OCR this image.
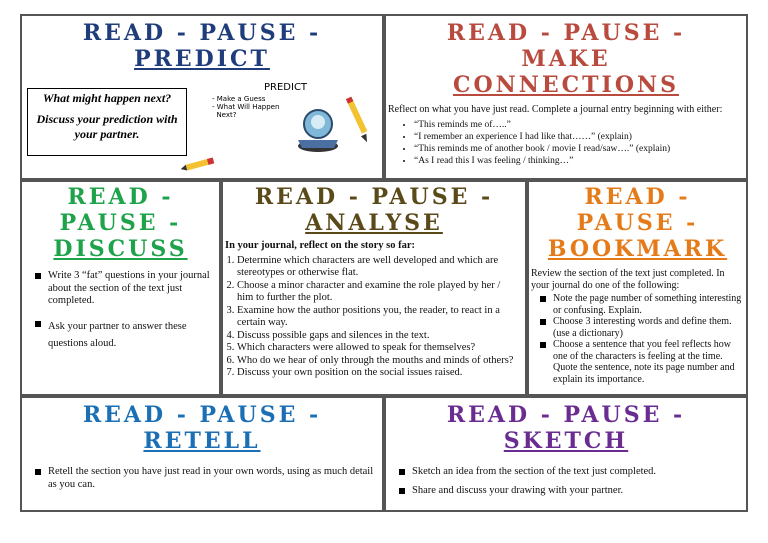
READ - PAUSE -
PREDICT
What might happen next?
Discuss your prediction with your partner.
PREDICT
- Make a Guess
- What Will Happen
Next?
READ - PAUSE -
MAKE
CONNECTIONS
Reflect on what you have just read. Complete a journal entry beginning with either:
• “This reminds me of…..”
• “I remember an experience I had like that……” (explain)
• “This reminds me of another book / movie I read/saw….” (explain)
• “As I read this I was feeling / thinking…”
READ -
PAUSE -
DISCUSS
Write 3 “fat” questions in your journal about the section of the text just completed.
Ask your partner to answer these questions aloud.
READ - PAUSE -
ANALYSE
In your journal, reflect on the story so far:
1. Determine which characters are well developed and which are stereotypes or otherwise flat.
2. Choose a minor character and examine the role played by her / him to further the plot.
3. Examine how the author positions you, the reader, to react in a certain way.
4. Discuss possible gaps and silences in the text.
5. Which characters were allowed to speak for themselves?
6. Who do we hear of only through the mouths and minds of others?
7. Discuss your own position on the social issues raised.
READ -
PAUSE -
BOOKMARK
Review the section of the text just completed. In your journal do one of the following:
Note the page number of something interesting or confusing. Explain.
Choose 3 interesting words and define them. (use a dictionary)
Choose a sentence that you feel reflects how one of the characters is feeling at the time. Quote the sentence, note its page number and explain its importance.
READ - PAUSE -
RETELL
Retell the section you have just read in your own words, using as much detail as you can.
READ - PAUSE -
SKETCH
Sketch an idea from the section of the text just completed.
Share and discuss your drawing with your partner.
